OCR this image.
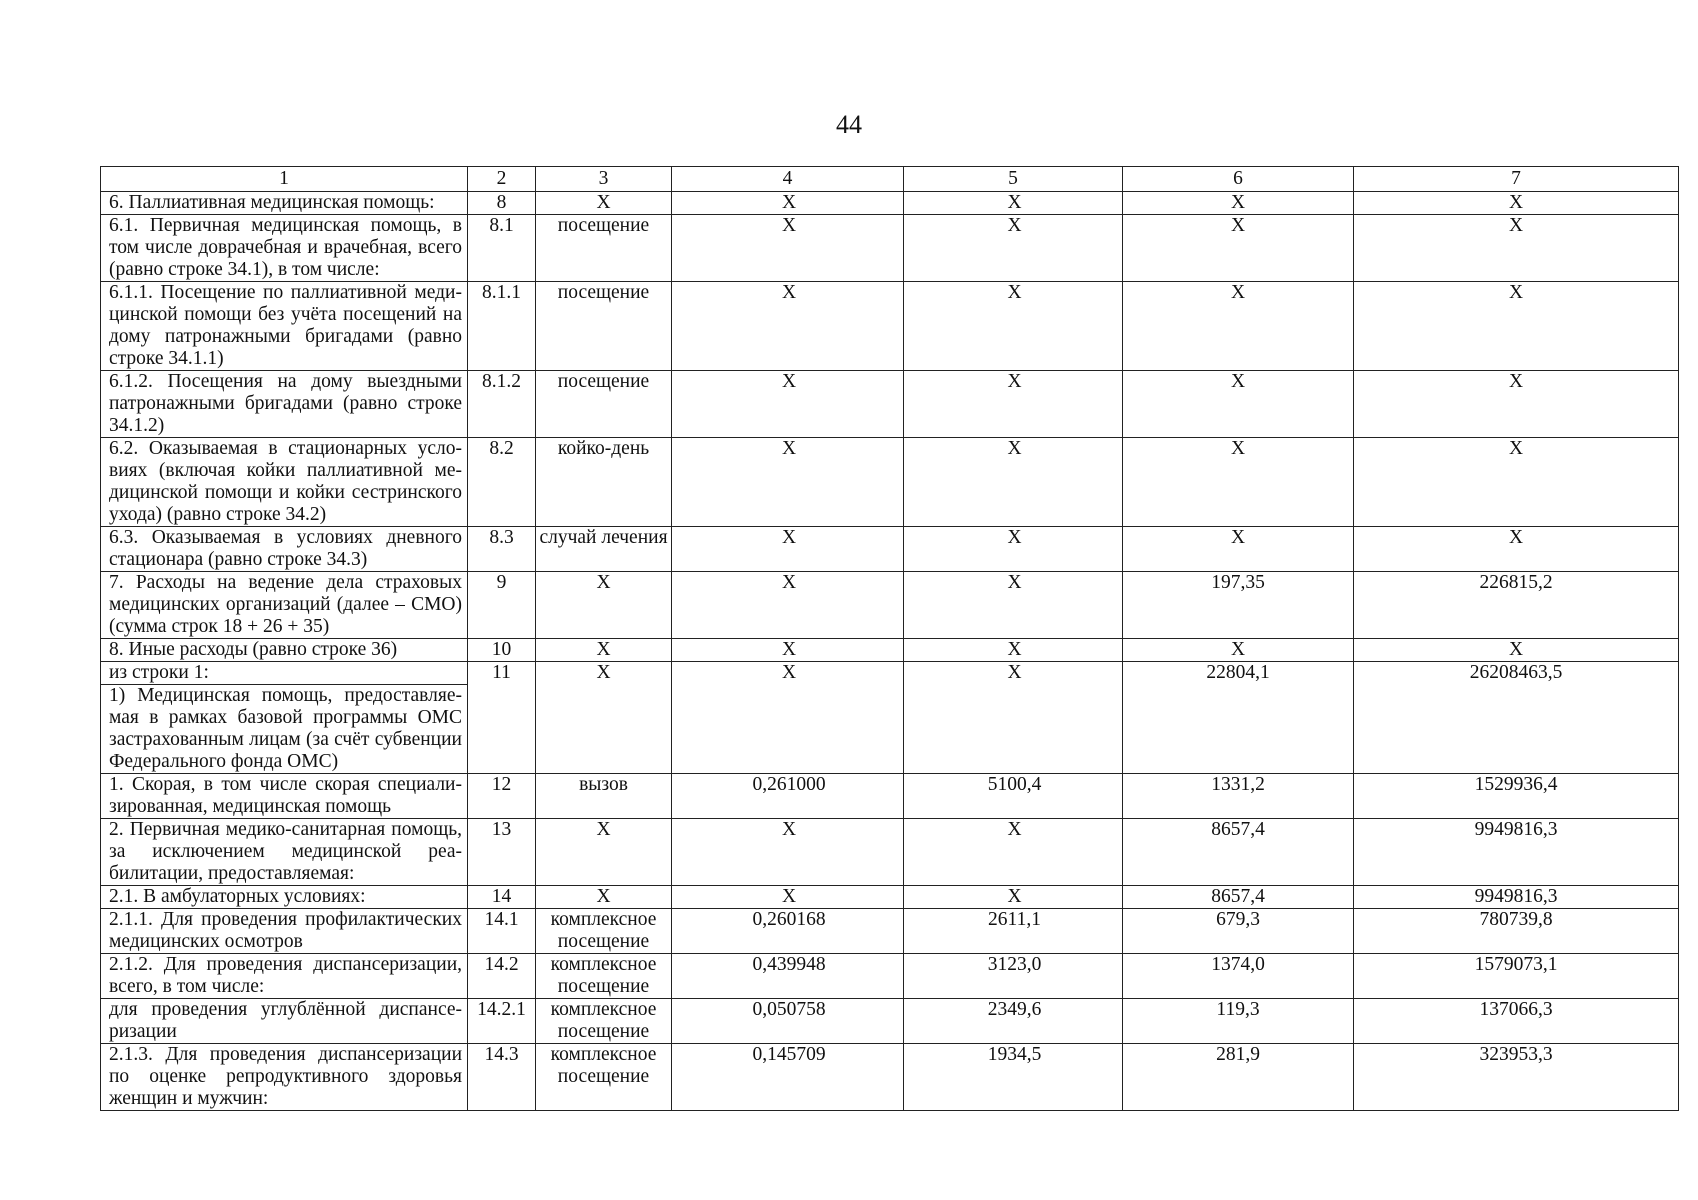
44
1	2	3	4	5	6	7
6. Паллиативная медицинская помощь:	8	X	X	X	X	X
6.1. Первичная медицинская помощь, в том числе доврачебная и врачебная, всего (равно строке 34.1), в том числе:	8.1	посещение	X	X	X	X
6.1.1. Посещение по паллиативной медицинской помощи без учёта посещений на дому патронажными бригадами (равно строке 34.1.1)	8.1.1	посещение	X	X	X	X
6.1.2. Посещения на дому выездными патронажными бригадами (равно строке 34.1.2)	8.1.2	посещение	X	X	X	X
6.2. Оказываемая в стационарных условиях (включая койки паллиативной медицинской помощи и койки сестринского ухода) (равно строке 34.2)	8.2	койко-день	X	X	X	X
6.3. Оказываемая в условиях дневного стационара (равно строке 34.3)	8.3	случай лечения	X	X	X	X
7. Расходы на ведение дела страховых медицинских организаций (далее – СМО) (сумма строк 18 + 26 + 35)	9	X	X	X	197,35	226815,2
8. Иные расходы (равно строке 36)	10	X	X	X	X	X
из строки 1:
1) Медицинская помощь, предоставляемая в рамках базовой программы ОМС застрахованным лицам (за счёт субвенции Федерального фонда ОМС)	11	X	X	X	22804,1	26208463,5
1. Скорая, в том числе скорая специализированная, медицинская помощь	12	вызов	0,261000	5100,4	1331,2	1529936,4
2. Первичная медико-санитарная помощь, за исключением медицинской реабилитации, предоставляемая:	13	X	X	X	8657,4	9949816,3
2.1. В амбулаторных условиях:	14	X	X	X	8657,4	9949816,3
2.1.1. Для проведения профилактических медицинских осмотров	14.1	комплексное посещение	0,260168	2611,1	679,3	780739,8
2.1.2. Для проведения диспансеризации, всего, в том числе:	14.2	комплексное посещение	0,439948	3123,0	1374,0	1579073,1
для проведения углублённой диспансеризации	14.2.1	комплексное посещение	0,050758	2349,6	119,3	137066,3
2.1.3. Для проведения диспансеризации по оценке репродуктивного здоровья женщин и мужчин:	14.3	комплексное посещение	0,145709	1934,5	281,9	323953,3
